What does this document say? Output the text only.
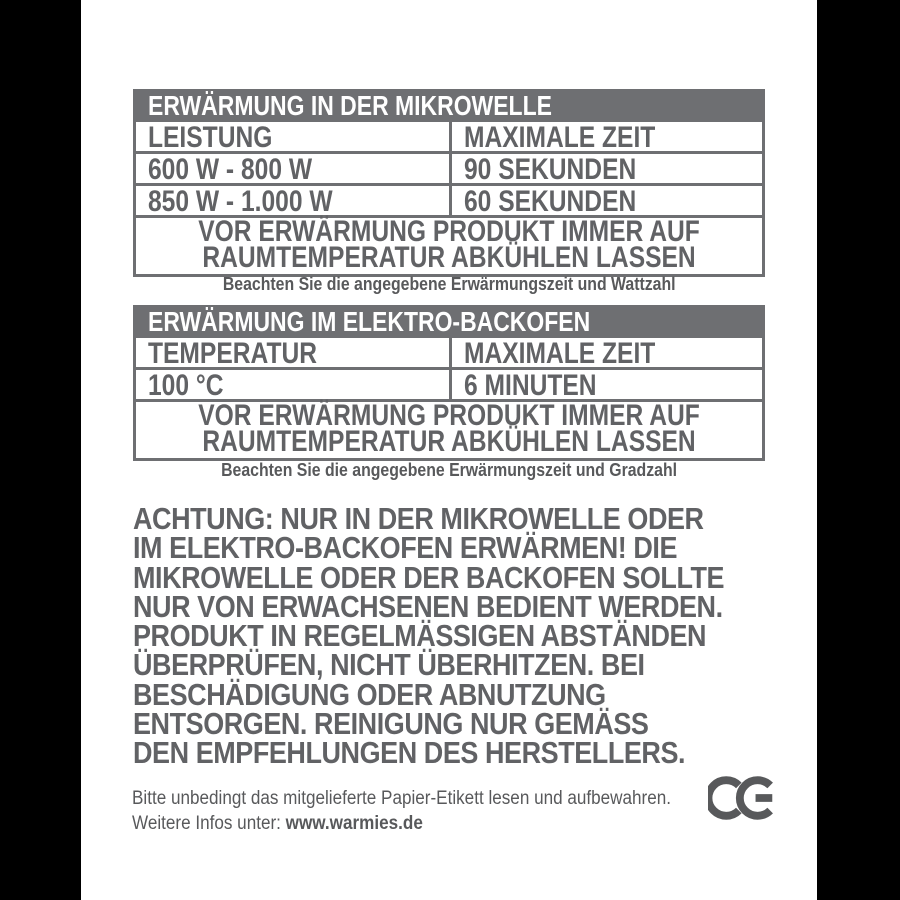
ERWÄRMUNG IN DER MIKROWELLE
LEISTUNG	MAXIMALE ZEIT
600 W - 800 W	90 SEKUNDEN
850 W - 1.000 W	60 SEKUNDEN
VOR ERWÄRMUNG PRODUKT IMMER AUF
RAUMTEMPERATUR ABKÜHLEN LASSEN
Beachten Sie die angegebene Erwärmungszeit und Wattzahl
ERWÄRMUNG IM ELEKTRO-BACKOFEN
TEMPERATUR	MAXIMALE ZEIT
100 °C	6 MINUTEN
VOR ERWÄRMUNG PRODUKT IMMER AUF
RAUMTEMPERATUR ABKÜHLEN LASSEN
Beachten Sie die angegebene Erwärmungszeit und Gradzahl
ACHTUNG: NUR IN DER MIKROWELLE ODER
IM ELEKTRO-BACKOFEN ERWÄRMEN! DIE
MIKROWELLE ODER DER BACKOFEN SOLLTE
NUR VON ERWACHSENEN BEDIENT WERDEN.
PRODUKT IN REGELMÄSSIGEN ABSTÄNDEN
ÜBERPRÜFEN, NICHT ÜBERHITZEN. BEI
BESCHÄDIGUNG ODER ABNUTZUNG
ENTSORGEN. REINIGUNG NUR GEMÄSS
DEN EMPFEHLUNGEN DES HERSTELLERS.
Bitte unbedingt das mitgelieferte Papier-Etikett lesen und aufbewahren.
Weitere Infos unter: www.warmies.de
